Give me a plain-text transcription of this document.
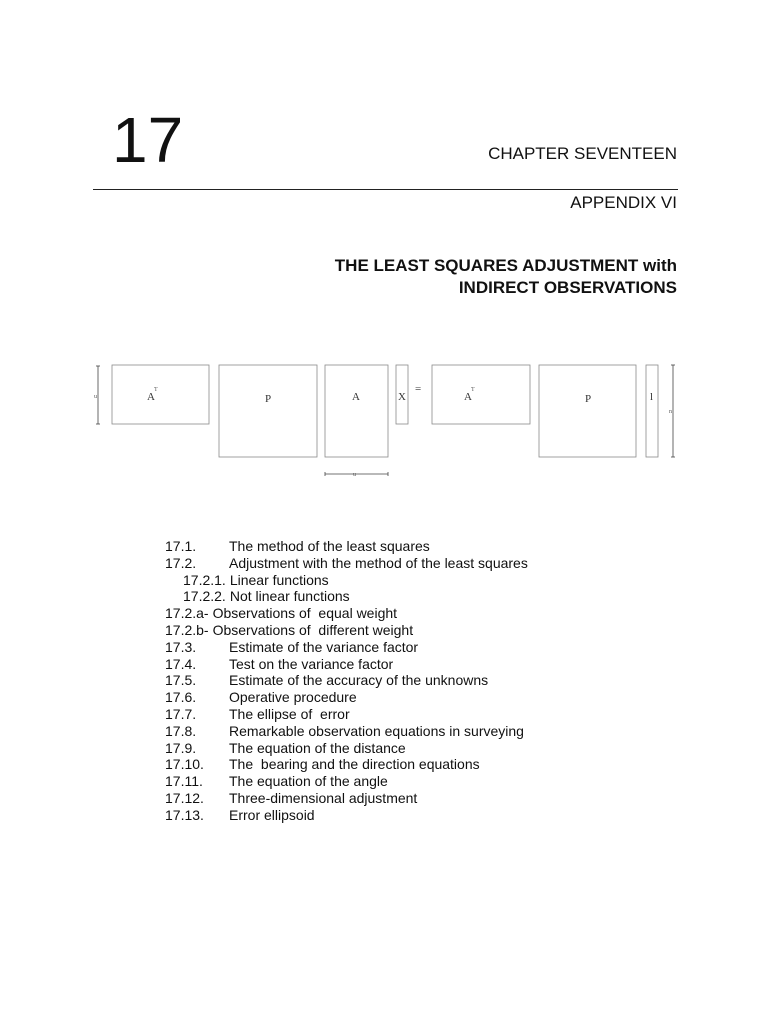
17	CHAPTER SEVENTEEN
APPENDIX VI
THE LEAST SQUARES ADJUSTMENT with
INDIRECT OBSERVATIONS
u	A
T
P	A	X
=
A
T
P	l
n
u
17.1.	The method of the least squares
17.2.	Adjustment with the method of the least squares
17.2.1. Linear functions
17.2.2. Not linear functions
17.2.a- Observations of  equal weight
17.2.b- Observations of  different weight
17.3.	Estimate of the variance factor
17.4.	Test on the variance factor
17.5.	Estimate of the accuracy of the unknowns
17.6.	Operative procedure
17.7.	The ellipse of  error
17.8.	Remarkable observation equations in surveying
17.9.	The equation of the distance
17.10.	The  bearing and the direction equations
17.11.	The equation of the angle
17.12.	Three-dimensional adjustment
17.13.	Error ellipsoid
